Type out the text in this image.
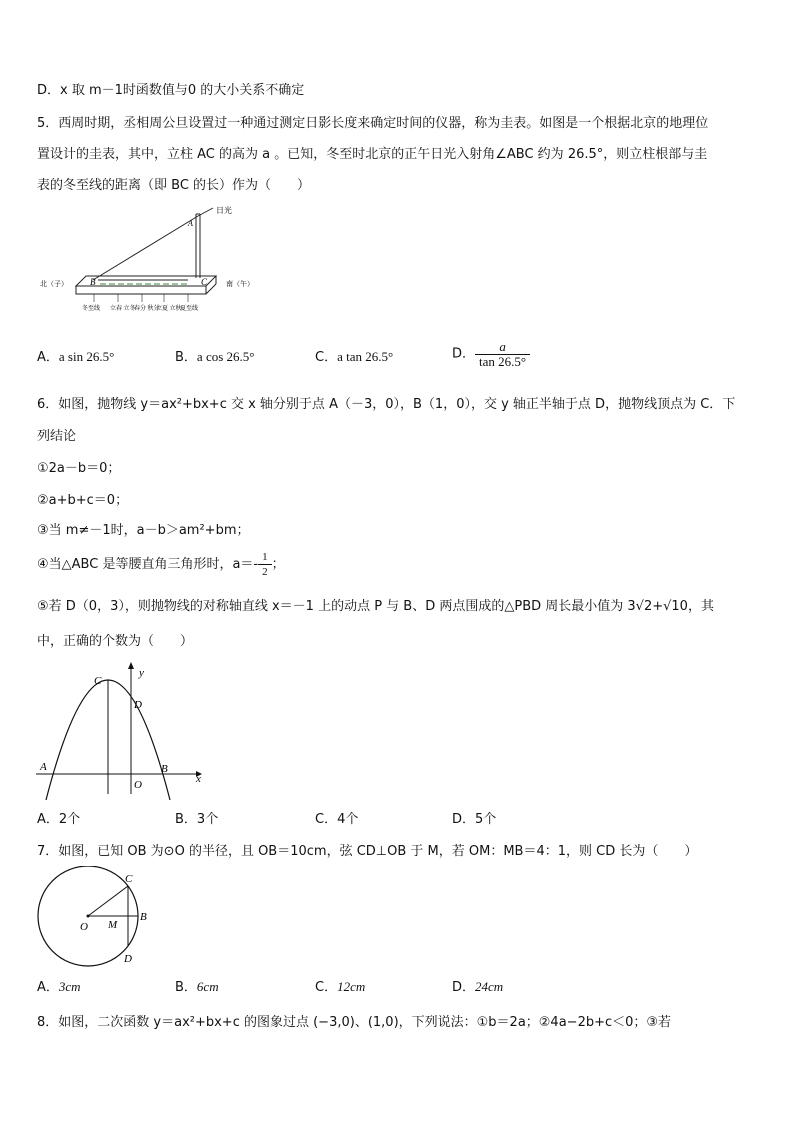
D．x 取 m－1时函数值与0 的大小关系不确定
5．西周时期，丞相周公旦设置过一种通过测定日影长度来确定时间的仪器，称为圭表。如图是一个根据北京的地理位
置设计的圭表，其中，立柱 AC 的高为 a 。已知，冬至时北京的正午日光入射角∠ABC 约为 26.5°，则立柱根部与圭
表的冬至线的距离（即 BC 的长）作为（　　）
日光
A
B	C
北（子）	南（午）
冬至线 立春 立冬
春分 秋分
立夏 立秋
夏至线
A．a sin 26.5°	B．a cos 26.5°	C．a tan 26.5°	D． $\frac{a}{\tan 26.5^\circ}$
6．如图，抛物线 y＝ax²+bx+c 交 x 轴分别于点 A（－3，0），B（1，0），交 y 轴正半轴于点 D，抛物线顶点为 C．下
列结论
①2a－b＝0；
②a+b+c＝0；
③当 m≠－1时，a－b＞am²+bm；
④当△ABC 是等腰直角三角形时，$a=- \frac{1}{2}$ ；
⑤若 D（0，3），则抛物线的对称轴直线 x＝－1 上的动点 P 与 B、D 两点围成的△PBD 周长最小值为 3√2+√10，其
中，正确的个数为（　　）
y
x
C
D
A
O
B
A．2个	B．3个	C．4个	D．5个
7．如图，已知 OB 为⊙O 的半径，且 OB＝10cm，弦 CD⊥OB 于 M，若 OM：MB＝4：1，则 CD 长为（　　）
C
B
O M
D
A．3cm	B．6cm	C．12cm	D．24cm
8．如图，二次函数 y＝ax²+bx+c 的图象过点 (−3,0)、(1,0)，下列说法：①b＝2a；②4a−2b+c＜0；③若
